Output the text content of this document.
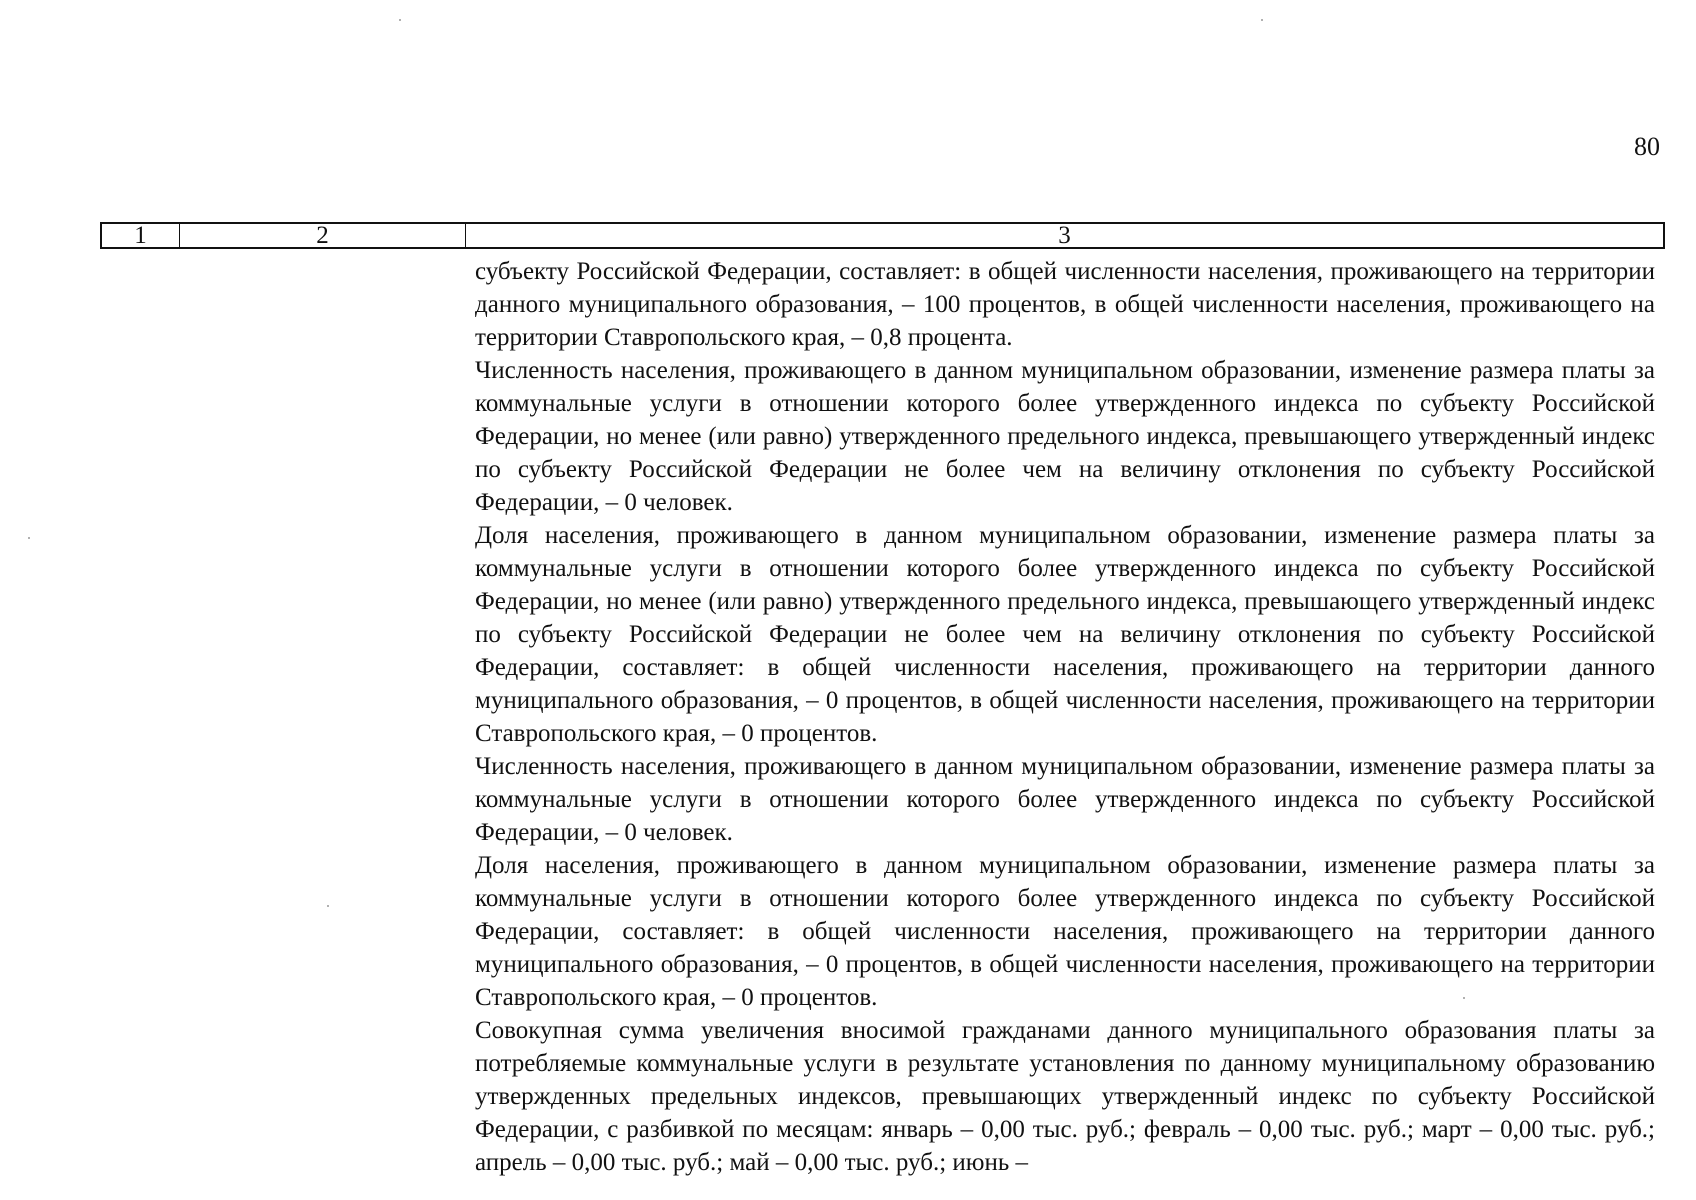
80
1	2	3

субъекту Российской Федерации, составляет: в общей численности населения, проживающего на территории данного муниципального образования, – 100 процентов, в общей численности населения, проживающего на территории Ставропольского края, – 0,8 процента.

Численность населения, проживающего в данном муниципальном образовании, изменение размера платы за коммунальные услуги в отношении которого более утвержденного индекса по субъекту Российской Федерации, но менее (или равно) утвержденного предельного индекса, превышающего утвержденный индекс по субъекту Российской Федерации не более чем на величину отклонения по субъекту Российской Федерации, – 0 человек.

Доля населения, проживающего в данном муниципальном образовании, изменение размера платы за коммунальные услуги в отношении которого более утвержденного индекса по субъекту Российской Федерации, но менее (или равно) утвержденного предельного индекса, превышающего утвержденный индекс по субъекту Российской Федерации не более чем на величину отклонения по субъекту Российской Федерации, составляет: в общей численности населения, проживающего на территории данного муниципального образования, – 0 процентов, в общей численности населения, проживающего на территории Ставропольского края, – 0 процентов.

Численность населения, проживающего в данном муниципальном образовании, изменение размера платы за коммунальные услуги в отношении которого более утвержденного индекса по субъекту Российской Федерации, – 0 человек.

Доля населения, проживающего в данном муниципальном образовании, изменение размера платы за коммунальные услуги в отношении которого более утвержденного индекса по субъекту Российской Федерации, составляет: в общей численности населения, проживающего на территории данного муниципального образования, – 0 процентов, в общей численности населения, проживающего на территории Ставропольского края, – 0 процентов.

Совокупная сумма увеличения вносимой гражданами данного муниципального образования платы за потребляемые коммунальные услуги в результате установления по данному муниципальному образованию утвержденных предельных индексов, превышающих утвержденный индекс по субъекту Российской Федерации, с разбивкой по месяцам: январь – 0,00 тыс. руб.; февраль – 0,00 тыс. руб.; март – 0,00 тыс. руб.; апрель – 0,00 тыс. руб.; май – 0,00 тыс. руб.; июнь –
